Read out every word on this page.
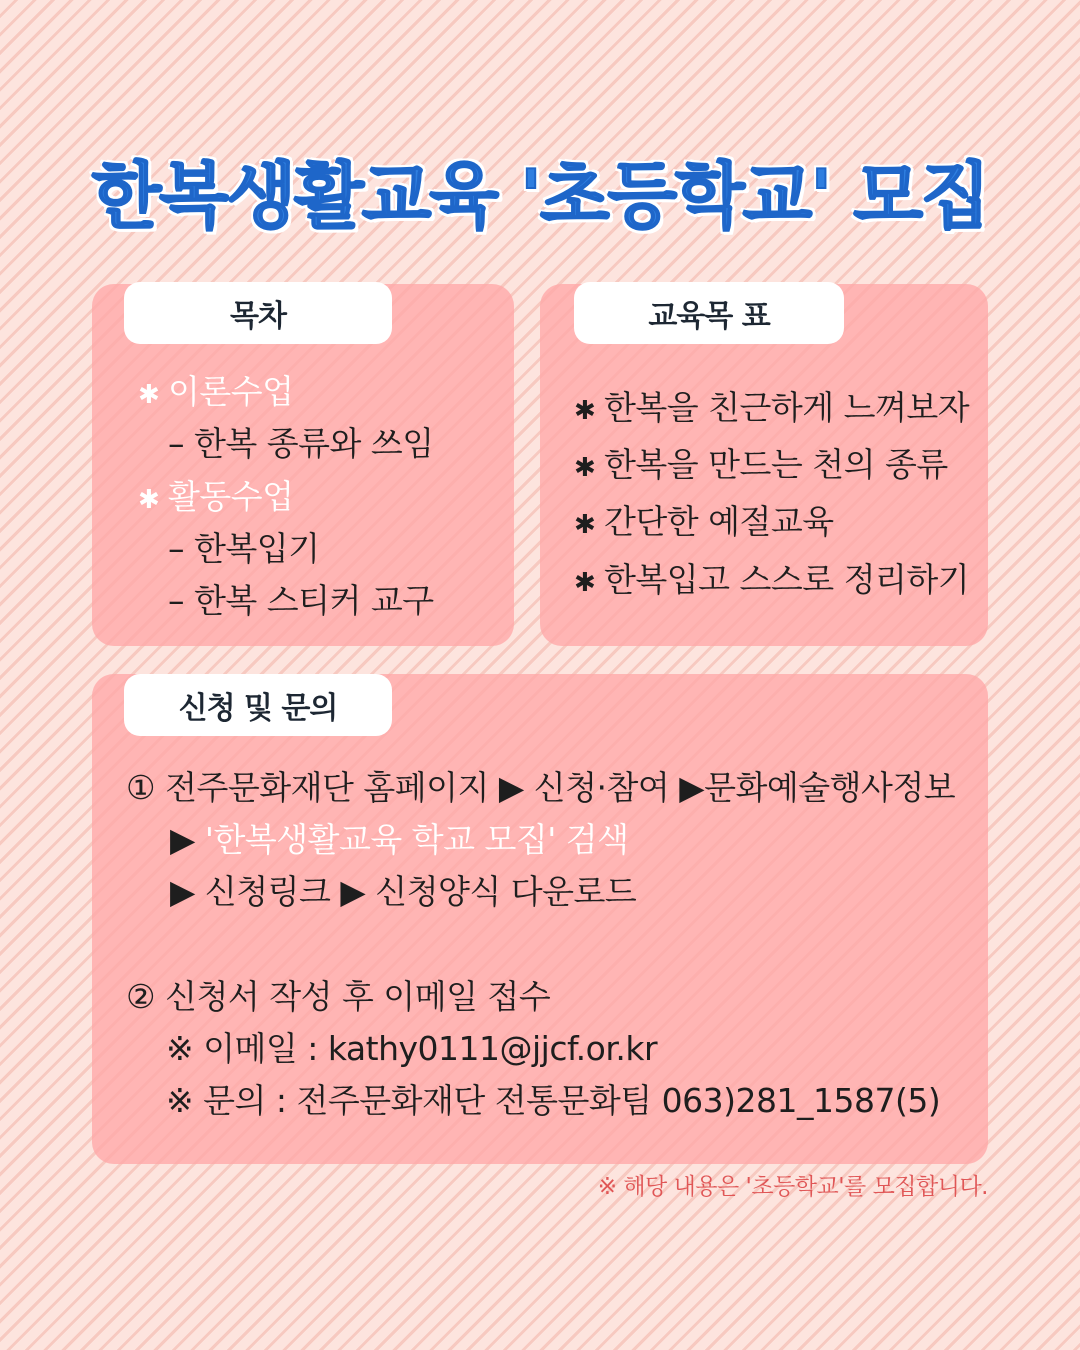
한복생활교육 '초등학교' 모집
목차
✱ 이론수업
– 한복 종류와 쓰임
✱ 활동수업
– 한복입기
– 한복 스티커 교구
교육목 표
✱ 한복을 친근하게 느껴보자
✱ 한복을 만드는 천의 종류
✱ 간단한 예절교육
✱ 한복입고 스스로 정리하기
신청 및 문의
① 전주문화재단 홈페이지 ▶ 신청·참여 ▶문화예술행사정보
▶ '한복생활교육 학교 모집' 검색
▶ 신청링크 ▶ 신청양식 다운로드
② 신청서 작성 후 이메일 접수
※ 이메일 : kathy0111@jjcf.or.kr
※ 문의 : 전주문화재단 전통문화팀 063)281_1587(5)
※ 해당 내용은 '초등학교'를 모집합니다.
